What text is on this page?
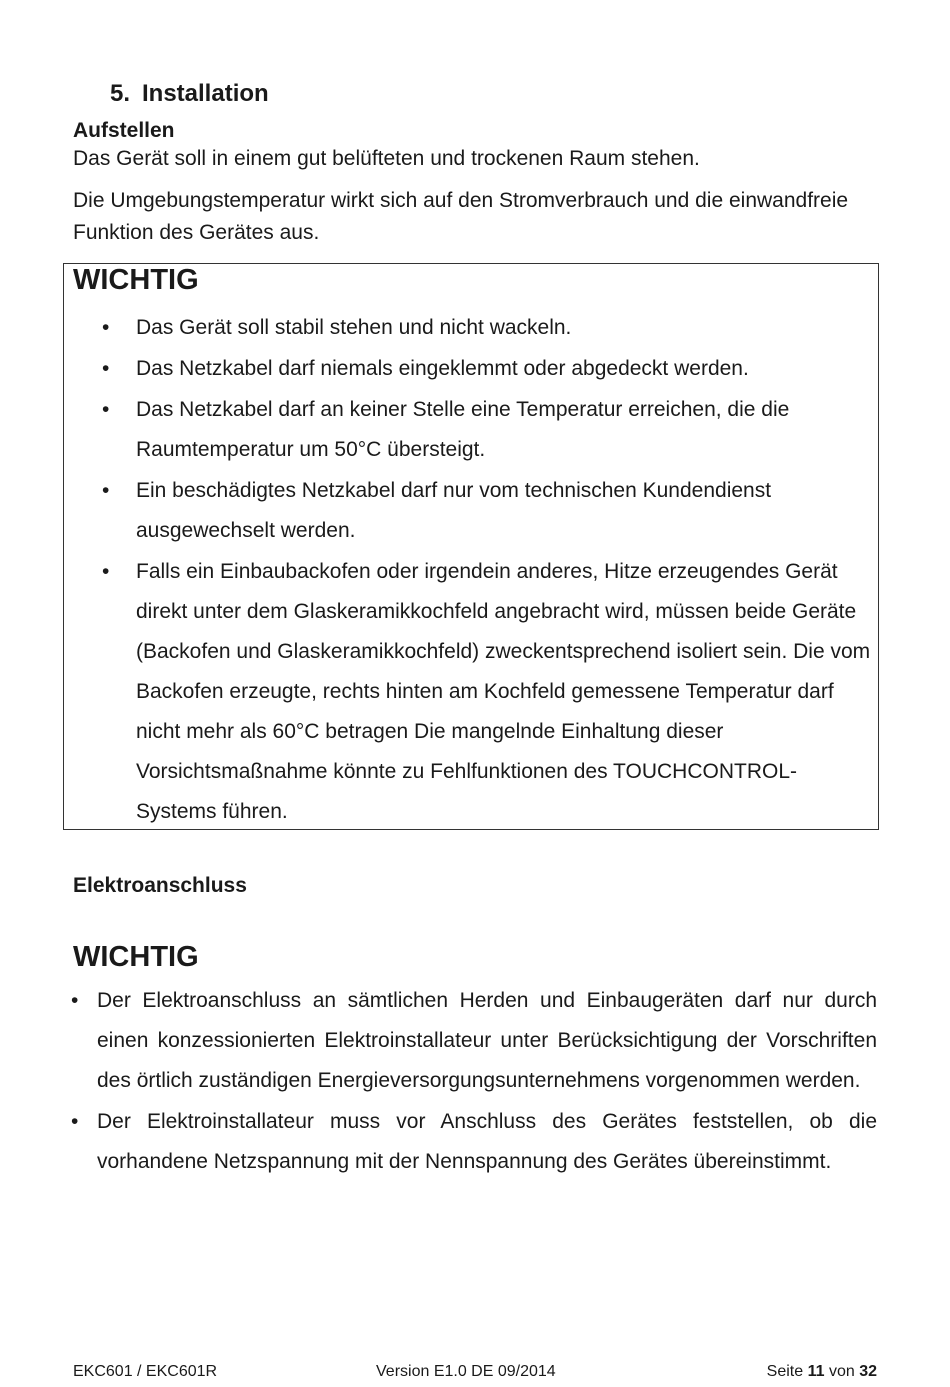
5. Installation
Aufstellen
Das Gerät soll in einem gut belüfteten und trockenen Raum stehen.
Die Umgebungstemperatur wirkt sich auf den Stromverbrauch und die einwandfreie Funktion des Gerätes aus.
WICHTIG
• Das Gerät soll stabil stehen und nicht wackeln.
• Das Netzkabel darf niemals eingeklemmt oder abgedeckt werden.
• Das Netzkabel darf an keiner Stelle eine Temperatur erreichen, die die Raumtemperatur um 50°C übersteigt.
• Ein beschädigtes Netzkabel darf nur vom technischen Kundendienst ausgewechselt werden.
• Falls ein Einbaubackofen oder irgendein anderes, Hitze erzeugendes Gerät direkt unter dem Glaskeramikkochfeld angebracht wird, müssen beide Geräte (Backofen und Glaskeramikkochfeld) zweckentsprechend isoliert sein. Die vom Backofen erzeugte, rechts hinten am Kochfeld gemessene Temperatur darf nicht mehr als 60°C betragen Die mangelnde Einhaltung dieser Vorsichtsmaßnahme könnte zu Fehlfunktionen des TOUCHCONTROL-Systems führen.
Elektroanschluss
WICHTIG
• Der Elektroanschluss an sämtlichen Herden und Einbaugeräten darf nur durch einen konzessionierten Elektroinstallateur unter Berücksichtigung der Vorschriften des örtlich zuständigen Energieversorgungsunternehmens vorgenommen werden.
• Der Elektroinstallateur muss vor Anschluss des Gerätes feststellen, ob die vorhandene Netzspannung mit der Nennspannung des Gerätes übereinstimmt.
EKC601 / EKC601R	Version E1.0 DE 09/2014	Seite 11 von 32
